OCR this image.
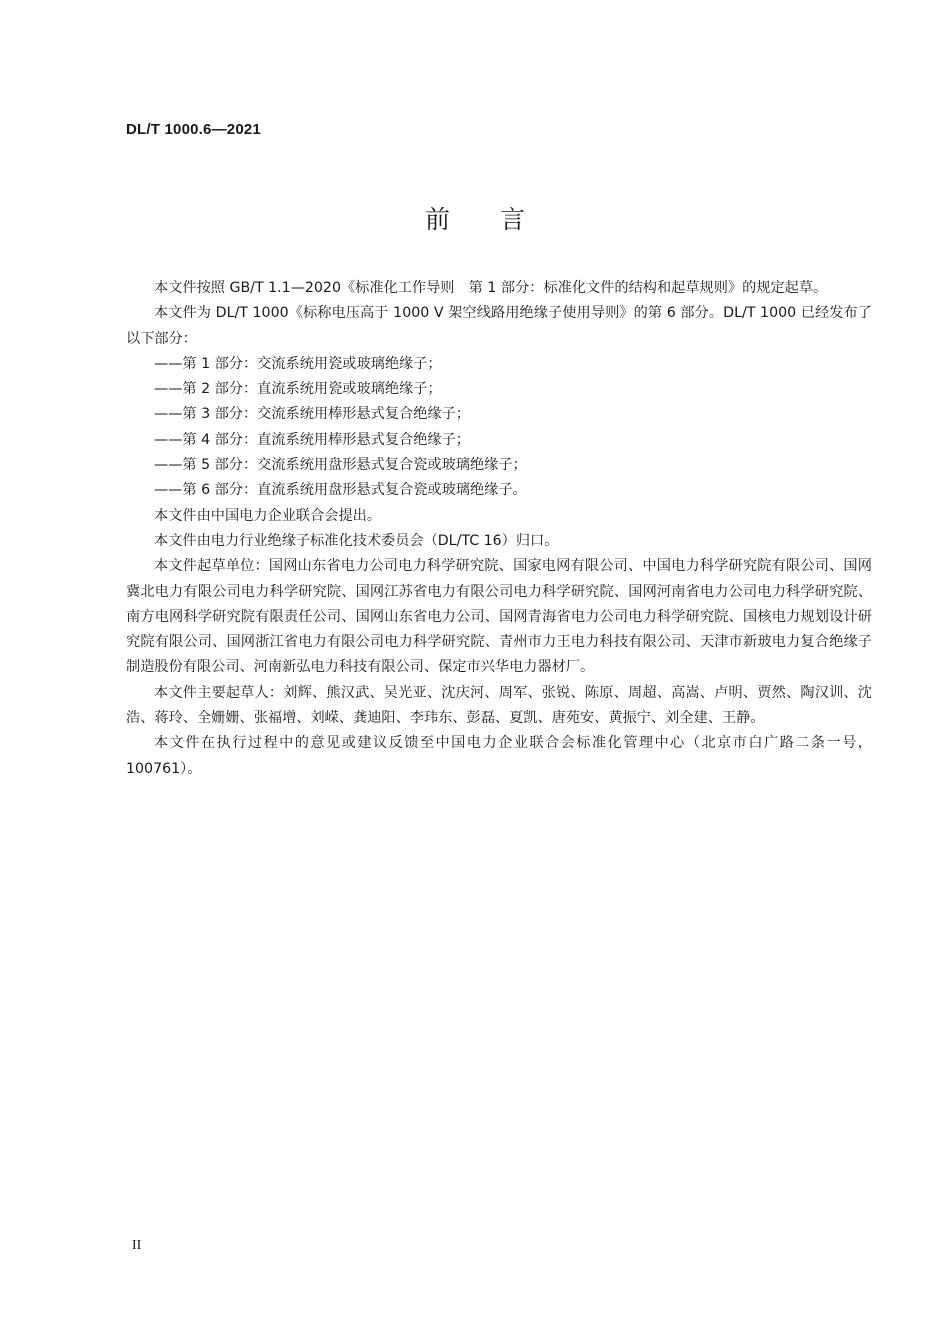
DL/T 1000.6—2021
前言

本文件按照 GB/T 1.1—2020《标准化工作导则　第 1 部分：标准化文件的结构和起草规则》的规定起草。

本文件为 DL/T 1000《标称电压高于 1000 V 架空线路用绝缘子使用导则》的第 6 部分。DL/T 1000 已经发布了以下部分：

——第 1 部分：交流系统用瓷或玻璃绝缘子；

——第 2 部分：直流系统用瓷或玻璃绝缘子；

——第 3 部分：交流系统用棒形悬式复合绝缘子；

——第 4 部分：直流系统用棒形悬式复合绝缘子；

——第 5 部分：交流系统用盘形悬式复合瓷或玻璃绝缘子；

——第 6 部分：直流系统用盘形悬式复合瓷或玻璃绝缘子。

本文件由中国电力企业联合会提出。

本文件由电力行业绝缘子标准化技术委员会（DL/TC 16）归口。

本文件起草单位：国网山东省电力公司电力科学研究院、国家电网有限公司、中国电力科学研究院有限公司、国网冀北电力有限公司电力科学研究院、国网江苏省电力有限公司电力科学研究院、国网河南省电力公司电力科学研究院、南方电网科学研究院有限责任公司、国网山东省电力公司、国网青海省电力公司电力科学研究院、国核电力规划设计研究院有限公司、国网浙江省电力有限公司电力科学研究院、青州市力王电力科技有限公司、天津市新玻电力复合绝缘子制造股份有限公司、河南新弘电力科技有限公司、保定市兴华电力器材厂。

本文件主要起草人：刘辉、熊汉武、吴光亚、沈庆河、周军、张锐、陈原、周超、高嵩、卢明、贾然、陶汉训、沈浩、蒋玲、全姗姗、张福增、刘嵘、龚迪阳、李玮东、彭磊、夏凯、唐苑安、黄振宁、刘全建、王静。

本文件在执行过程中的意见或建议反馈至中国电力企业联合会标准化管理中心（北京市白广路二条一号，100761）。

II
